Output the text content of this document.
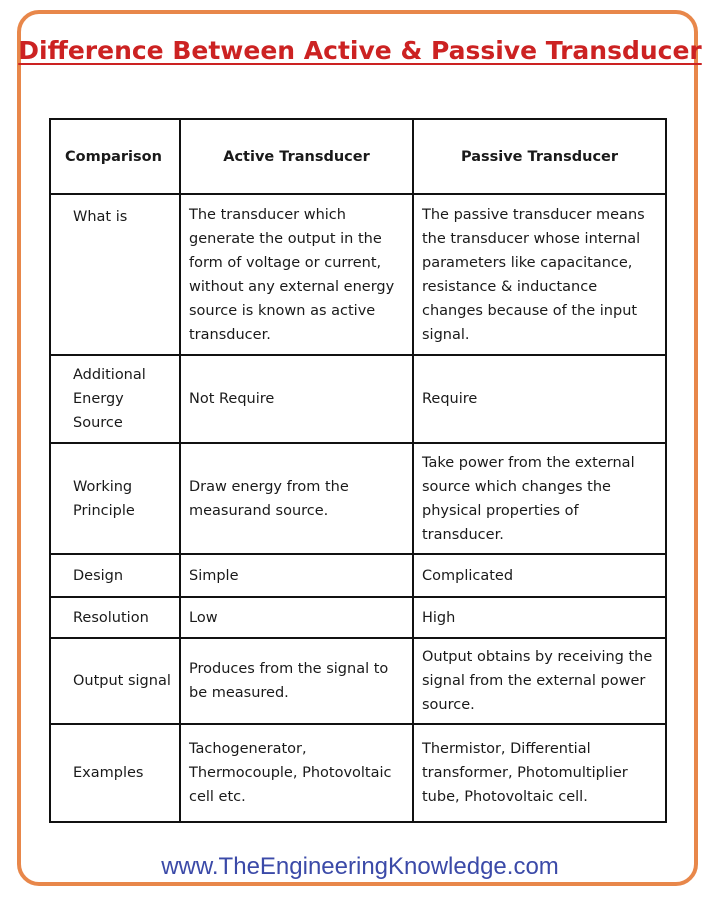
Difference Between Active & Passive Transducer
Comparison	Active Transducer	Passive Transducer
What is	The transducer which generate the output in the form of voltage or current, without any external energy source is known as active transducer.	The passive transducer means the transducer whose internal parameters like capacitance, resistance & inductance changes because of the input signal.
Additional Energy Source	Not Require	Require
Working Principle	Draw energy from the measurand source.	Take power from the external source which changes the physical properties of transducer.
Design	Simple	Complicated
Resolution	Low	High
Output signal	Produces from the signal to be measured.	Output obtains by receiving the signal from the external power source.
Examples	Tachogenerator, Thermocouple, Photovoltaic cell etc.	Thermistor, Differential transformer, Photomultiplier tube, Photovoltaic cell.
www.TheEngineeringKnowledge.com
